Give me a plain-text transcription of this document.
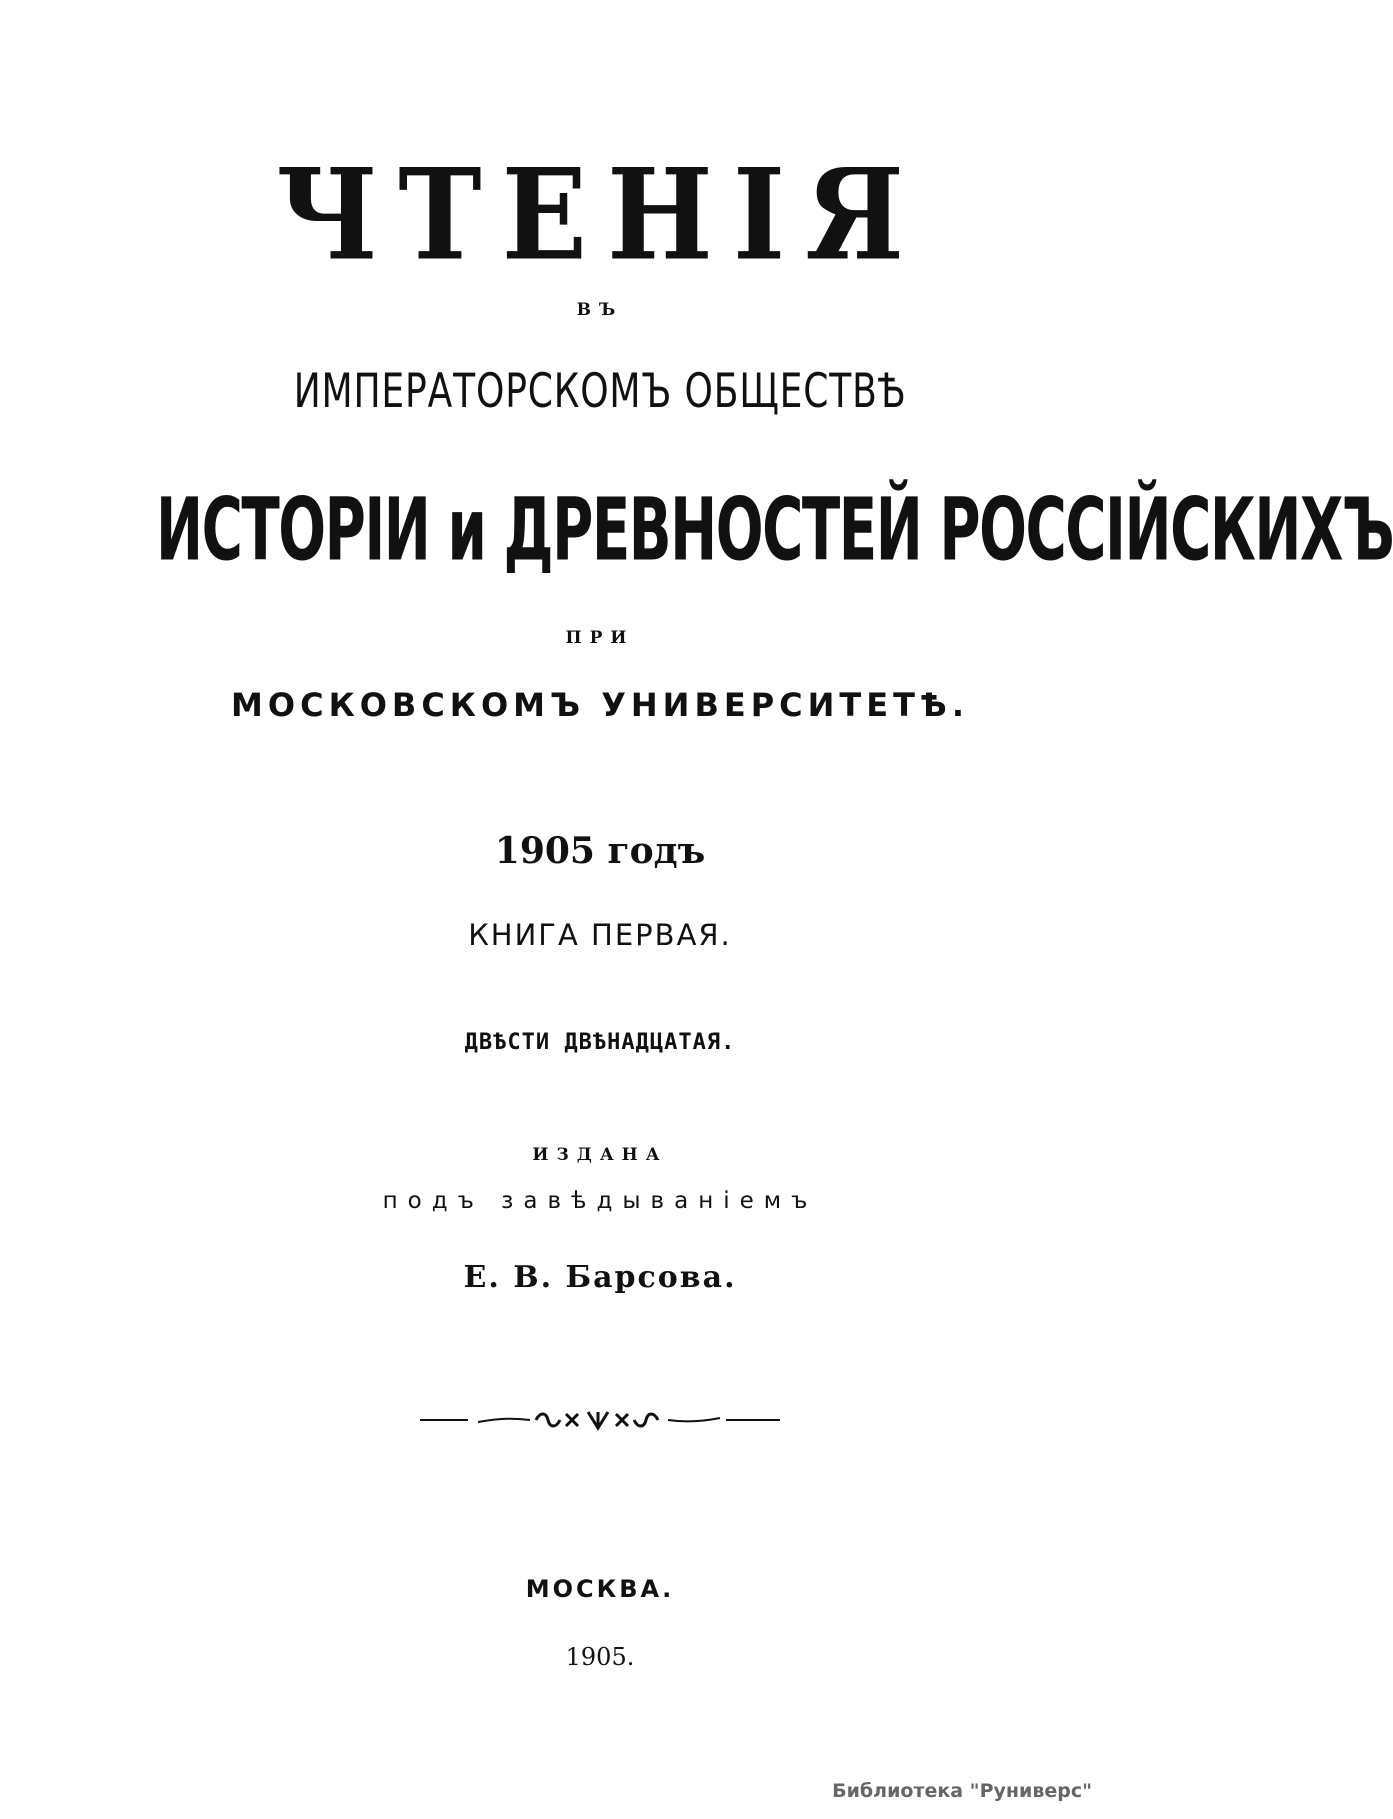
ЧТЕНІЯ
ВЪ
ИМПЕРАТОРСКОМЪ ОБЩЕСТВѢ
ИСТОРІИ и ДРЕВНОСТЕЙ РОССІЙСКИХЪ
ПРИ
МОСКОВСКОМЪ УНИВЕРСИТЕТѢ.
1905 годъ
КНИГА ПЕРВАЯ.
ДВѢСТИ ДВѢНАДЦАТАЯ.
ИЗДАНА
подъ завѣдываніемъ
Е. В. Барсова.
МОСКВА.
1905.
Библиотека "Руниверс"
